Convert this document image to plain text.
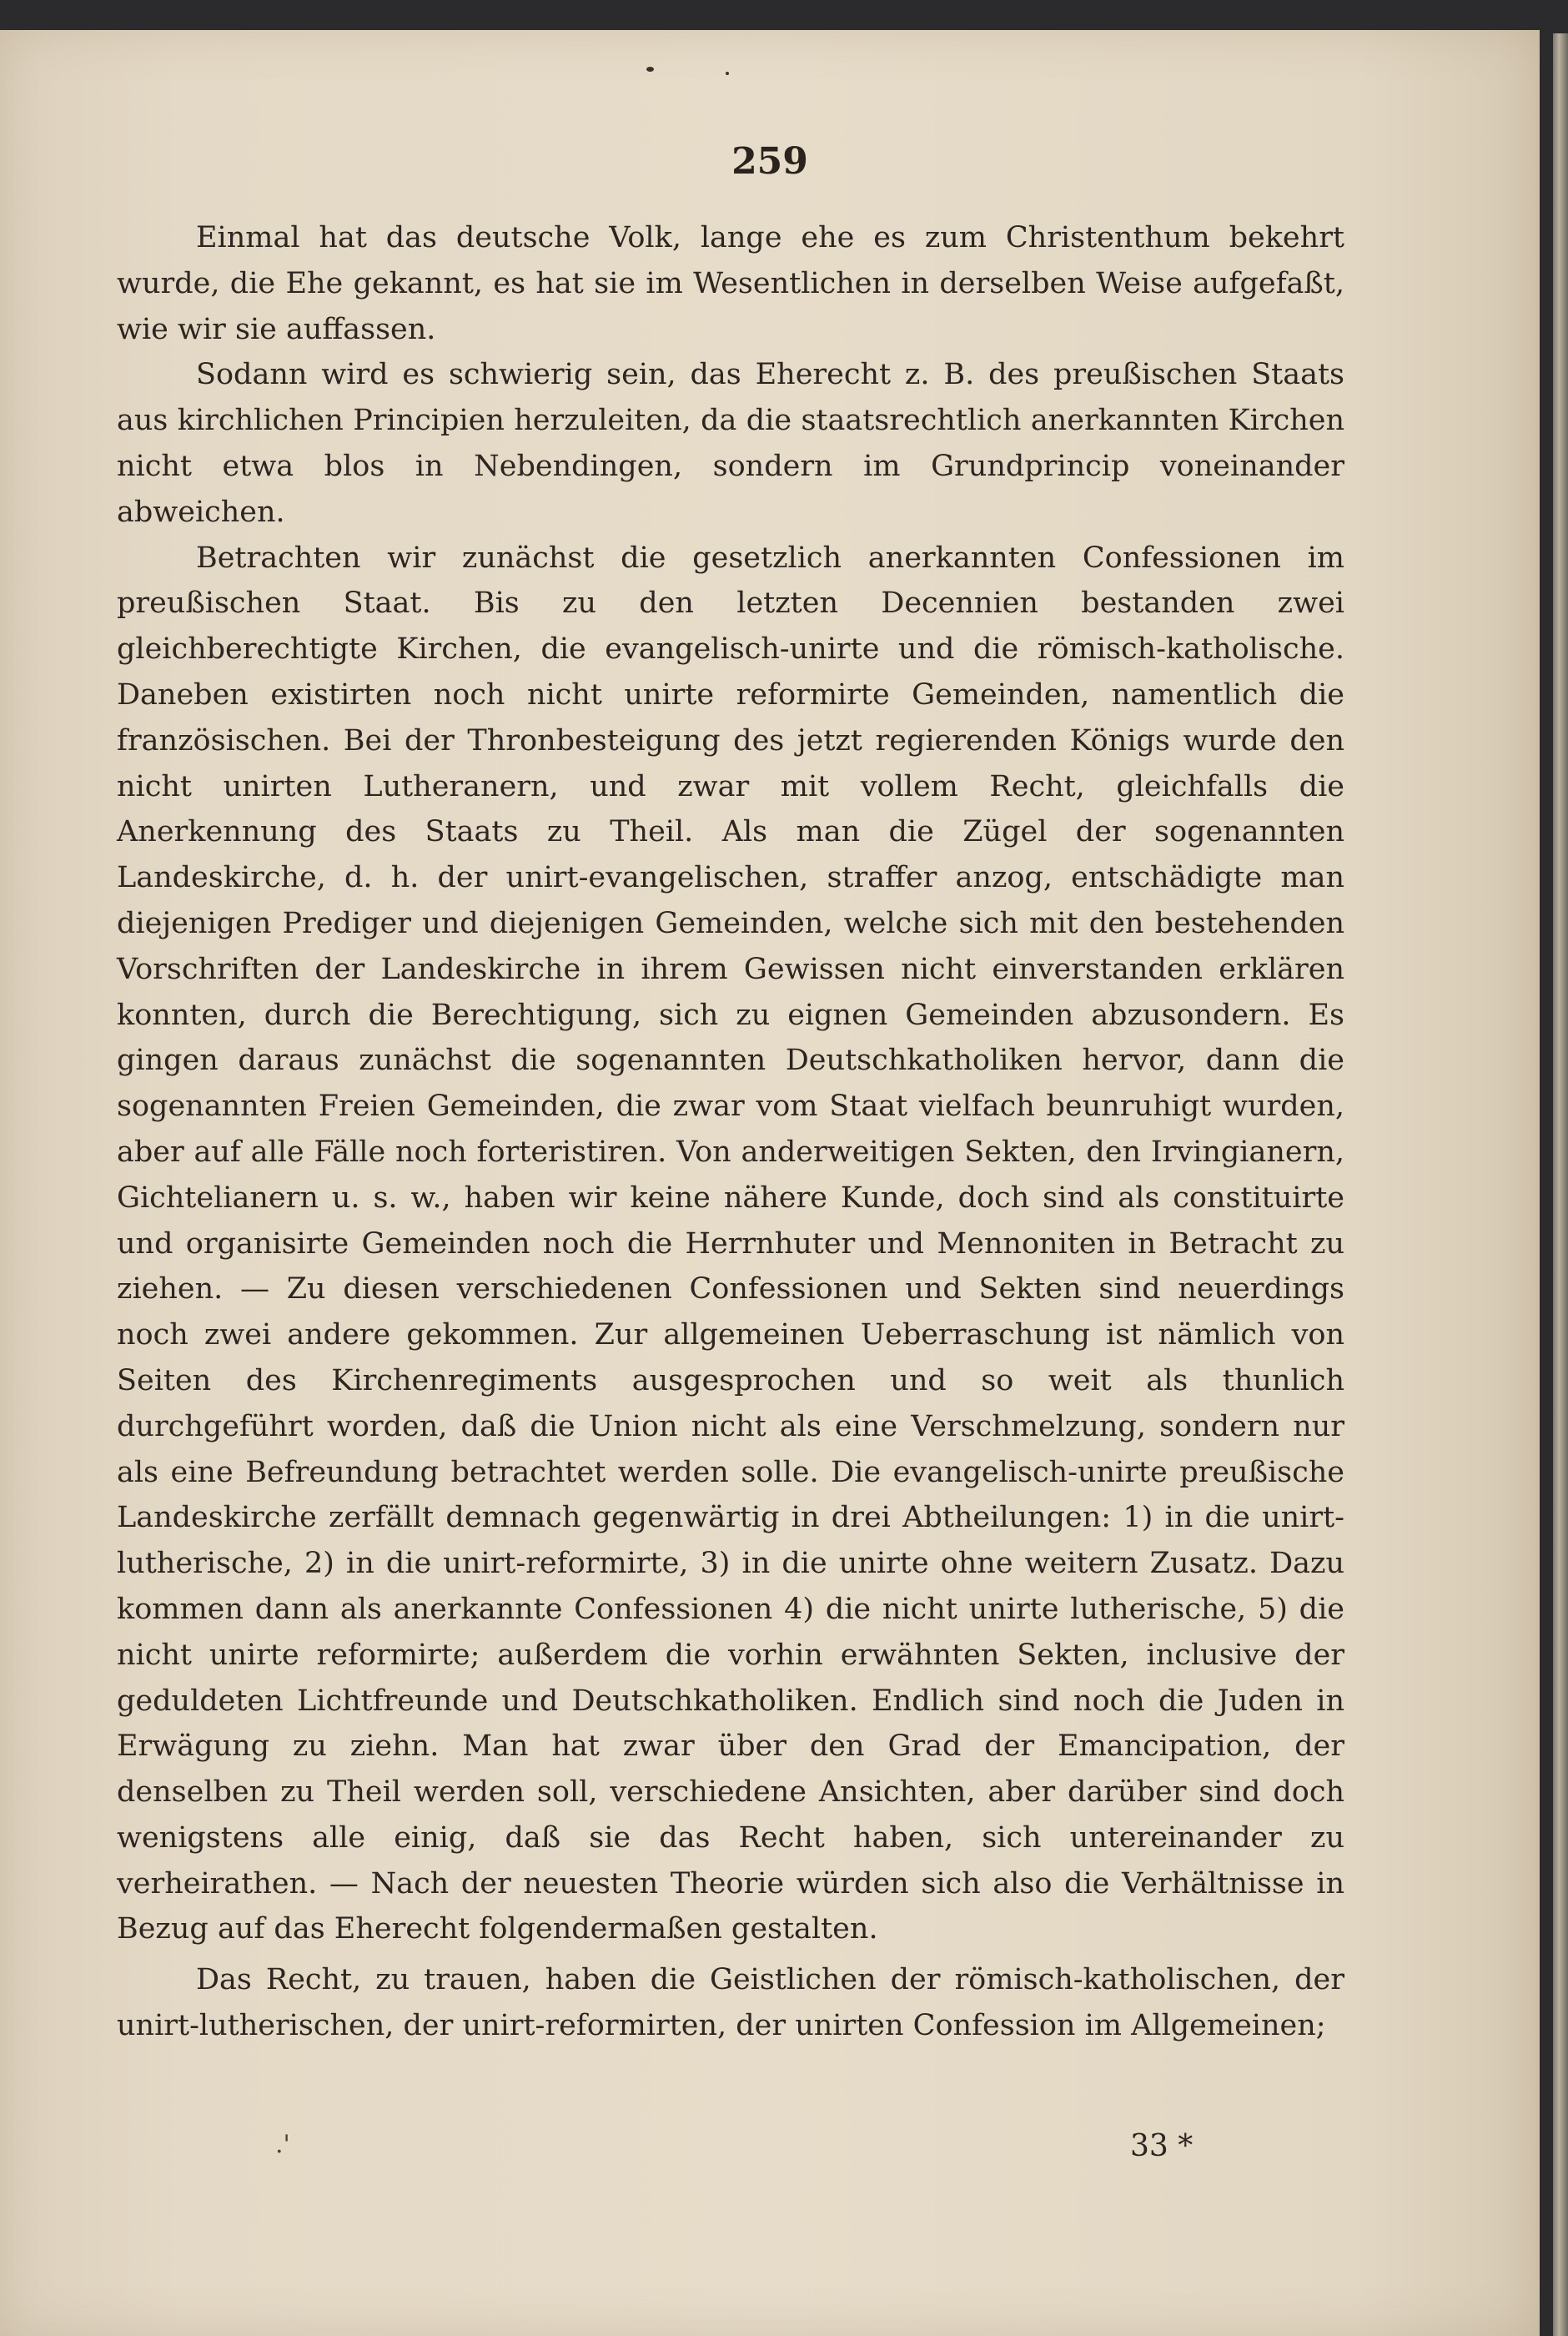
259

Einmal hat das deutsche Volk, lange ehe es zum Christenthum bekehrt wurde, die Ehe gekannt, es hat sie im Wesentlichen in derselben Weise aufgefaßt, wie wir sie auffassen.

Sodann wird es schwierig sein, das Eherecht z. B. des preußischen Staats aus kirchlichen Principien herzuleiten, da die staatsrechtlich anerkannten Kirchen nicht etwa blos in Nebendingen, sondern im Grundprincip voneinander abweichen.

Betrachten wir zunächst die gesetzlich anerkannten Confessionen im preußischen Staat. Bis zu den letzten Decennien bestanden zwei gleichberechtigte Kirchen, die evangelisch-unirte und die römisch-katholische. Daneben existirten noch nicht unirte reformirte Gemeinden, namentlich die französischen. Bei der Thronbesteigung des jetzt regierenden Königs wurde den nicht unirten Lutheranern, und zwar mit vollem Recht, gleichfalls die Anerkennung des Staats zu Theil. Als man die Zügel der sogenannten Landeskirche, d. h. der unirt-evangelischen, straffer anzog, entschädigte man diejenigen Prediger und diejenigen Gemeinden, welche sich mit den bestehenden Vorschriften der Landeskirche in ihrem Gewissen nicht einverstanden erklären konnten, durch die Berechtigung, sich zu eignen Gemeinden abzusondern. Es gingen daraus zunächst die sogenannten Deutschkatholiken hervor, dann die sogenannten Freien Gemeinden, die zwar vom Staat vielfach beunruhigt wurden, aber auf alle Fälle noch forteristiren. Von anderweitigen Sekten, den Irvingianern, Gichtelianern u. s. w., haben wir keine nähere Kunde, doch sind als constituirte und organisirte Gemeinden noch die Herrnhuter und Mennoniten in Betracht zu ziehen. — Zu diesen verschiedenen Confessionen und Sekten sind neuerdings noch zwei andere gekommen. Zur allgemeinen Ueberraschung ist nämlich von Seiten des Kirchenregiments ausgesprochen und so weit als thunlich durchgeführt worden, daß die Union nicht als eine Verschmelzung, sondern nur als eine Befreundung betrachtet werden solle. Die evangelisch-unirte preußische Landeskirche zerfällt demnach gegenwärtig in drei Abtheilungen: 1) in die unirt-lutherische, 2) in die unirt-reformirte, 3) in die unirte ohne weitern Zusatz. Dazu kommen dann als anerkannte Confessionen 4) die nicht unirte lutherische, 5) die nicht unirte reformirte; außerdem die vorhin erwähnten Sekten, inclusive der geduldeten Lichtfreunde und Deutschkatholiken. Endlich sind noch die Juden in Erwägung zu ziehn. Man hat zwar über den Grad der Emancipation, der denselben zu Theil werden soll, verschiedene Ansichten, aber darüber sind doch wenigstens alle einig, daß sie das Recht haben, sich untereinander zu verheirathen. — Nach der neuesten Theorie würden sich also die Verhältnisse in Bezug auf das Eherecht folgendermaßen gestalten.

Das Recht, zu trauen, haben die Geistlichen der römisch-katholischen, der unirt-lutherischen, der unirt-reformirten, der unirten Confession im Allgemeinen;

.'	33 *
